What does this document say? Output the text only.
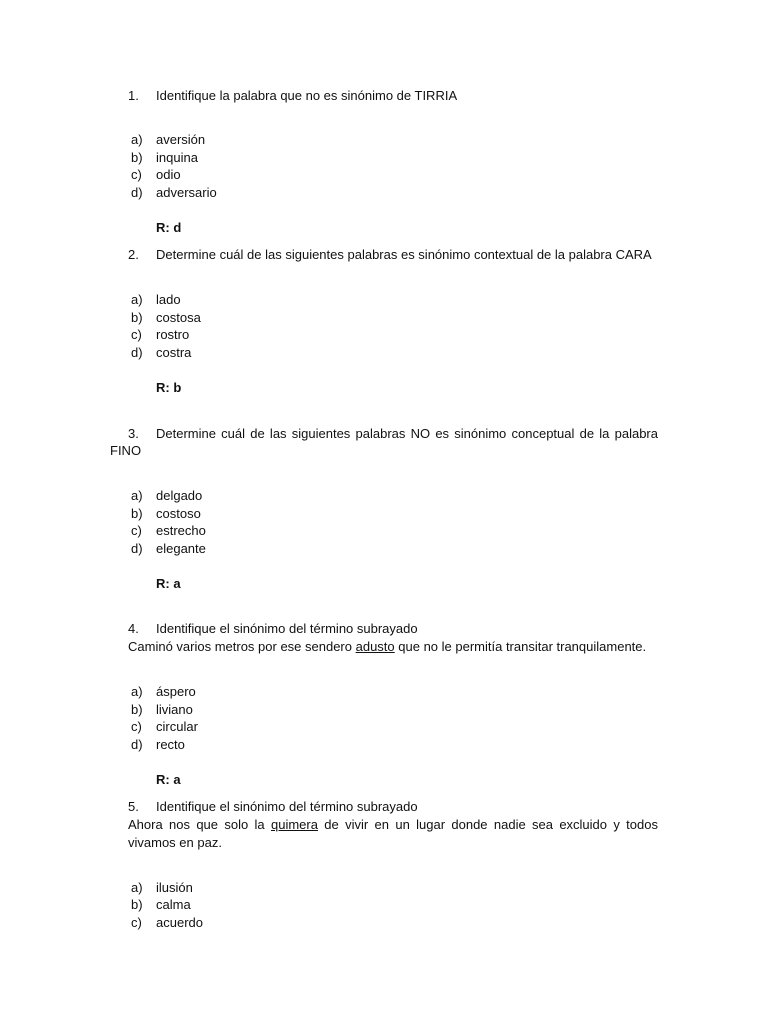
1. Identifique la palabra que no es sinónimo de TIRRIA
a) aversión
b) inquina
c) odio
d) adversario
R: d
2. Determine cuál de las siguientes palabras es sinónimo contextual de la palabra CARA
a) lado
b) costosa
c) rostro
d) costra
R: b
3. Determine cuál de las siguientes palabras NO es sinónimo conceptual de la palabra
FINO
a) delgado
b) costoso
c) estrecho
d) elegante
R: a
4. Identifique el sinónimo del término subrayado
Caminó varios metros por ese sendero adusto que no le permitía transitar tranquilamente.
a) áspero
b) liviano
c) circular
d) recto
R: a
5. Identifique el sinónimo del término subrayado
Ahora nos que solo la quimera de vivir en un lugar donde nadie sea excluido y todos
vivamos en paz.
a) ilusión
b) calma
c) acuerdo
